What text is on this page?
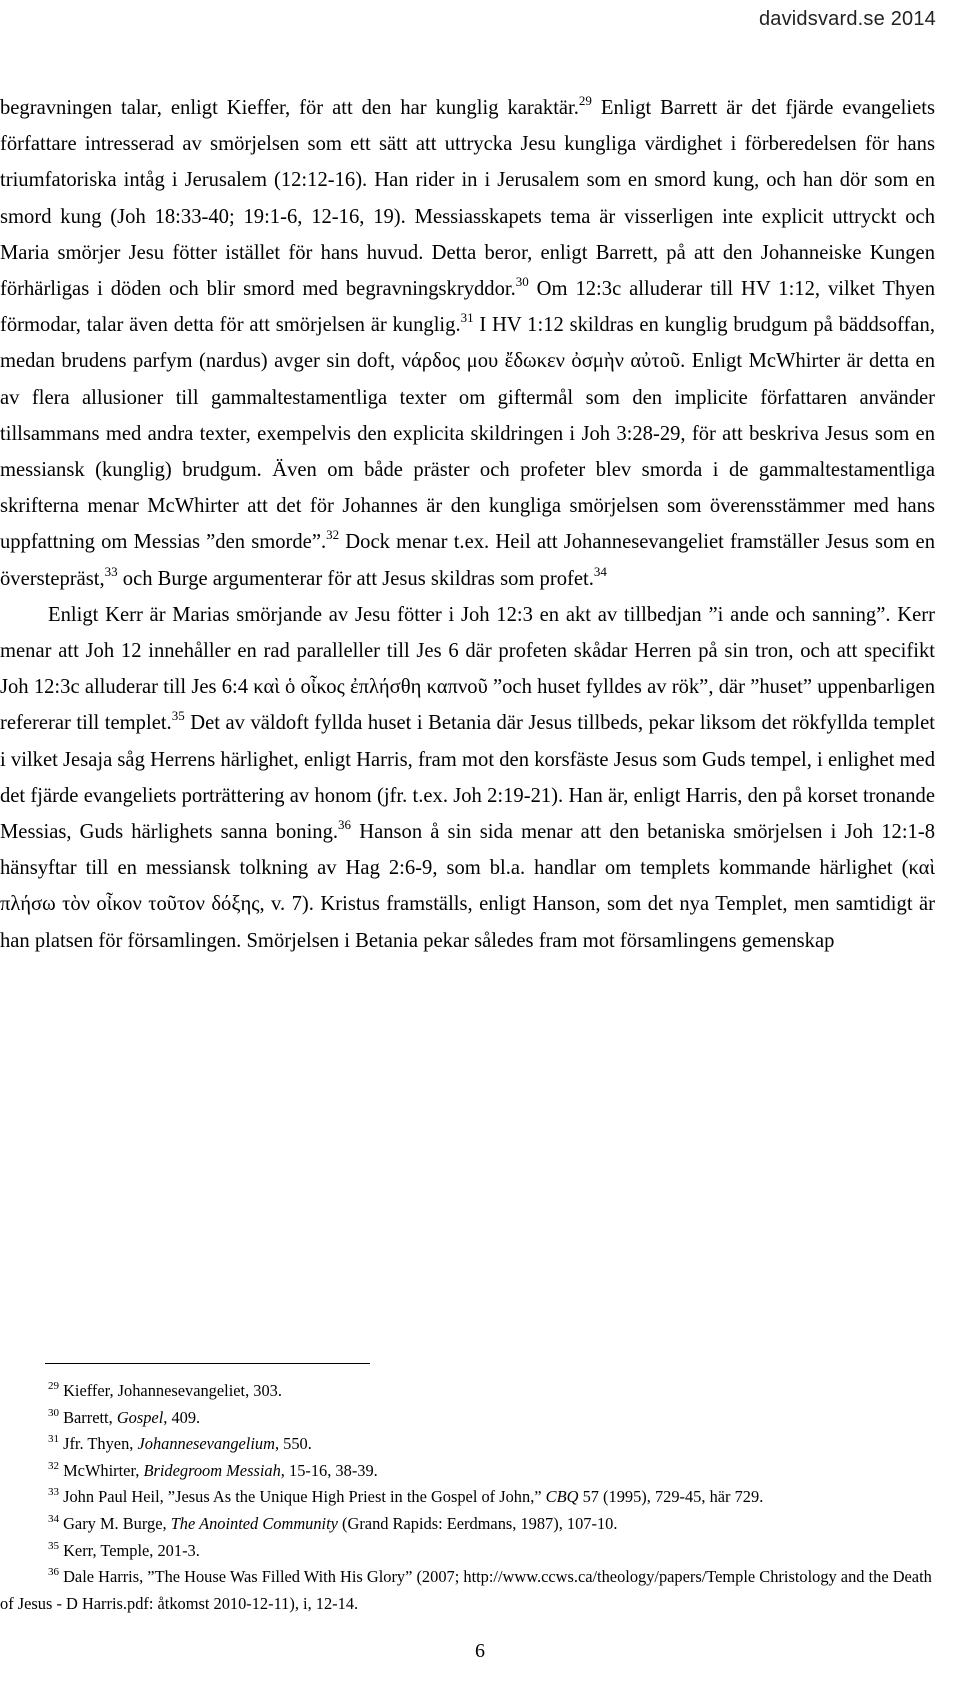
davidsvard.se 2014

begravningen talar, enligt Kieffer, för att den har kunglig karaktär.$^{29}$ Enligt Barrett är det fjärde evangeliets författare intresserad av smörjelsen som ett sätt att uttrycka Jesu kungliga värdighet i förberedelsen för hans triumfatoriska intåg i Jerusalem (12:12-16). Han rider in i Jerusalem som en smord kung, och han dör som en smord kung (Joh 18:33-40; 19:1-6, 12-16, 19). Messiasskapets tema är visserligen inte explicit uttryckt och Maria smörjer Jesu fötter istället för hans huvud. Detta beror, enligt Barrett, på att den Johanneiske Kungen förhärligas i döden och blir smord med begravningskryddor.$^{30}$ Om 12:3c alluderar till HV 1:12, vilket Thyen förmodar, talar även detta för att smörjelsen är kunglig.$^{31}$ I HV 1:12 skildras en kunglig brudgum på bäddsoffan, medan brudens parfym (nardus) avger sin doft, νάρδος μου ἔδωκεν ὀσμὴν αὐτοῦ. Enligt McWhirter är detta en av flera allusioner till gammaltestamentliga texter om giftermål som den implicite författaren använder tillsammans med andra texter, exempelvis den explicita skildringen i Joh 3:28-29, för att beskriva Jesus som en messiansk (kunglig) brudgum. Även om både präster och profeter blev smorda i de gammaltestamentliga skrifterna menar McWhirter att det för Johannes är den kungliga smörjelsen som överensstämmer med hans uppfattning om Messias ”den smorde”.$^{32}$ Dock menar t.ex. Heil att Johannesevangeliet framställer Jesus som en överstepräst,$^{33}$ och Burge argumenterar för att Jesus skildras som profet.$^{34}$

Enligt Kerr är Marias smörjande av Jesu fötter i Joh 12:3 en akt av tillbedjan ”i ande och sanning”. Kerr menar att Joh 12 innehåller en rad paralleller till Jes 6 där profeten skådar Herren på sin tron, och att specifikt Joh 12:3c alluderar till Jes 6:4 καὶ ὁ οἶκος ἐπλήσθη καπνοῦ ”och huset fylldes av rök”, där ”huset” uppenbarligen refererar till templet.$^{35}$ Det av väldoft fyllda huset i Betania där Jesus tillbeds, pekar liksom det rökfyllda templet i vilket Jesaja såg Herrens härlighet, enligt Harris, fram mot den korsfäste Jesus som Guds tempel, i enlighet med det fjärde evangeliets porträttering av honom (jfr. t.ex. Joh 2:19-21). Han är, enligt Harris, den på korset tronande Messias, Guds härlighets sanna boning.$^{36}$ Hanson å sin sida menar att den betaniska smörjelsen i Joh 12:1-8 hänsyftar till en messiansk tolkning av Hag 2:6-9, som bl.a. handlar om templets kommande härlighet (καὶ πλήσω τὸν οἶκον τοῦτον δόξης, v. 7). Kristus framställs, enligt Hanson, som det nya Templet, men samtidigt är han platsen för församlingen. Smörjelsen i Betania pekar således fram mot församlingens gemenskap

$^{29}$ Kieffer, Johannesevangeliet, 303.

$^{30}$ Barrett, Gospel, 409.

$^{31}$ Jfr. Thyen, Johannesevangelium, 550.

$^{32}$ McWhirter, Bridegroom Messiah, 15-16, 38-39.

$^{33}$ John Paul Heil, ”Jesus As the Unique High Priest in the Gospel of John,” CBQ 57 (1995), 729-45, här 729.

$^{34}$ Gary M. Burge, The Anointed Community (Grand Rapids: Eerdmans, 1987), 107-10.

$^{35}$ Kerr, Temple, 201-3.

$^{36}$ Dale Harris, ”The House Was Filled With His Glory” (2007; http://www.ccws.ca/theology/papers/Temple Christology and the Death of Jesus - D Harris.pdf: åtkomst 2010-12-11), i, 12-14.

6
